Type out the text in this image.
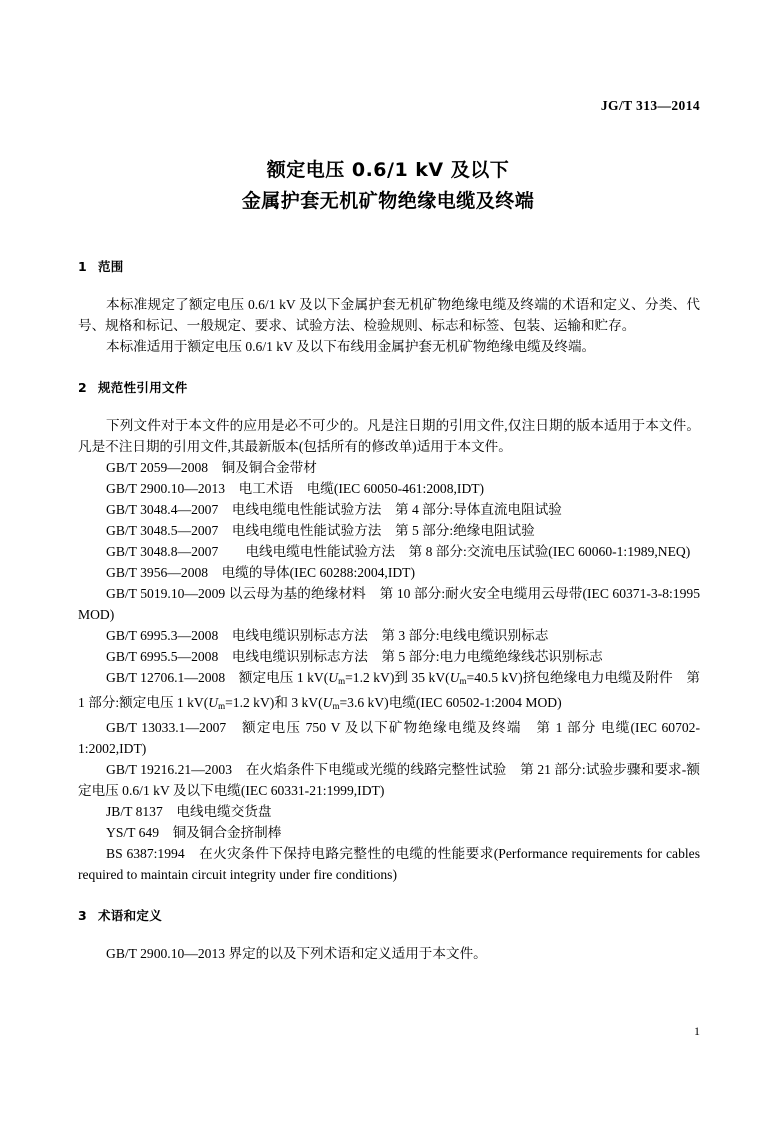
JG/T 313—2014
额定电压 0.6/1 kV 及以下
金属护套无机矿物绝缘电缆及终端
1 范围

本标准规定了额定电压 0.6/1 kV 及以下金属护套无机矿物绝缘电缆及终端的术语和定义、分类、代号、规格和标记、一般规定、要求、试验方法、检验规则、标志和标签、包装、运输和贮存。

本标准适用于额定电压 0.6/1 kV 及以下布线用金属护套无机矿物绝缘电缆及终端。

2 规范性引用文件

下列文件对于本文件的应用是必不可少的。凡是注日期的引用文件,仅注日期的版本适用于本文件。凡是不注日期的引用文件,其最新版本(包括所有的修改单)适用于本文件。

GB/T 2059—2008　铜及铜合金带材
GB/T 2900.10—2013　电工术语　电缆(IEC 60050-461:2008,IDT)
GB/T 3048.4—2007　电线电缆电性能试验方法　第 4 部分:导体直流电阻试验
GB/T 3048.5—2007　电线电缆电性能试验方法　第 5 部分:绝缘电阻试验
GB/T 3048.8—2007　　电线电缆电性能试验方法　第 8 部分:交流电压试验(IEC 60060-1:1989,NEQ)
GB/T 3956—2008　电缆的导体(IEC 60288:2004,IDT)
GB/T 5019.10—2009 以云母为基的绝缘材料　第 10 部分:耐火安全电缆用云母带(IEC 60371-3-8:1995 MOD)
GB/T 6995.3—2008　电线电缆识别标志方法　第 3 部分:电线电缆识别标志
GB/T 6995.5—2008　电线电缆识别标志方法　第 5 部分:电力电缆绝缘线芯识别标志
GB/T 12706.1—2008　额定电压 1 $kV(U_m=1.2$ kV)到 35 $kV(U_m=40.5$ kV)挤包绝缘电力电缆及附件　第 1 部分:额定电压 1 $kV(U_m=1.2$ kV)和 3 $kV(U_m=3.6$ kV)电缆(IEC 60502-1:2004 MOD)
GB/T 13033.1—2007　额定电压 750 V 及以下矿物绝缘电缆及终端　第 1 部分 电缆(IEC 60702-1:2002,IDT)
GB/T 19216.21—2003　在火焰条件下电缆或光缆的线路完整性试验　第 21 部分:试验步骤和要求-额定电压 0.6/1 kV 及以下电缆(IEC 60331-21:1999,IDT)
JB/T 8137　电线电缆交货盘
YS/T 649　铜及铜合金挤制棒
BS 6387:1994　在火灾条件下保持电路完整性的电缆的性能要求(Performance requirements for cables required to maintain circuit integrity under fire conditions)
3 术语和定义

GB/T 2900.10—2013 界定的以及下列术语和定义适用于本文件。

1
